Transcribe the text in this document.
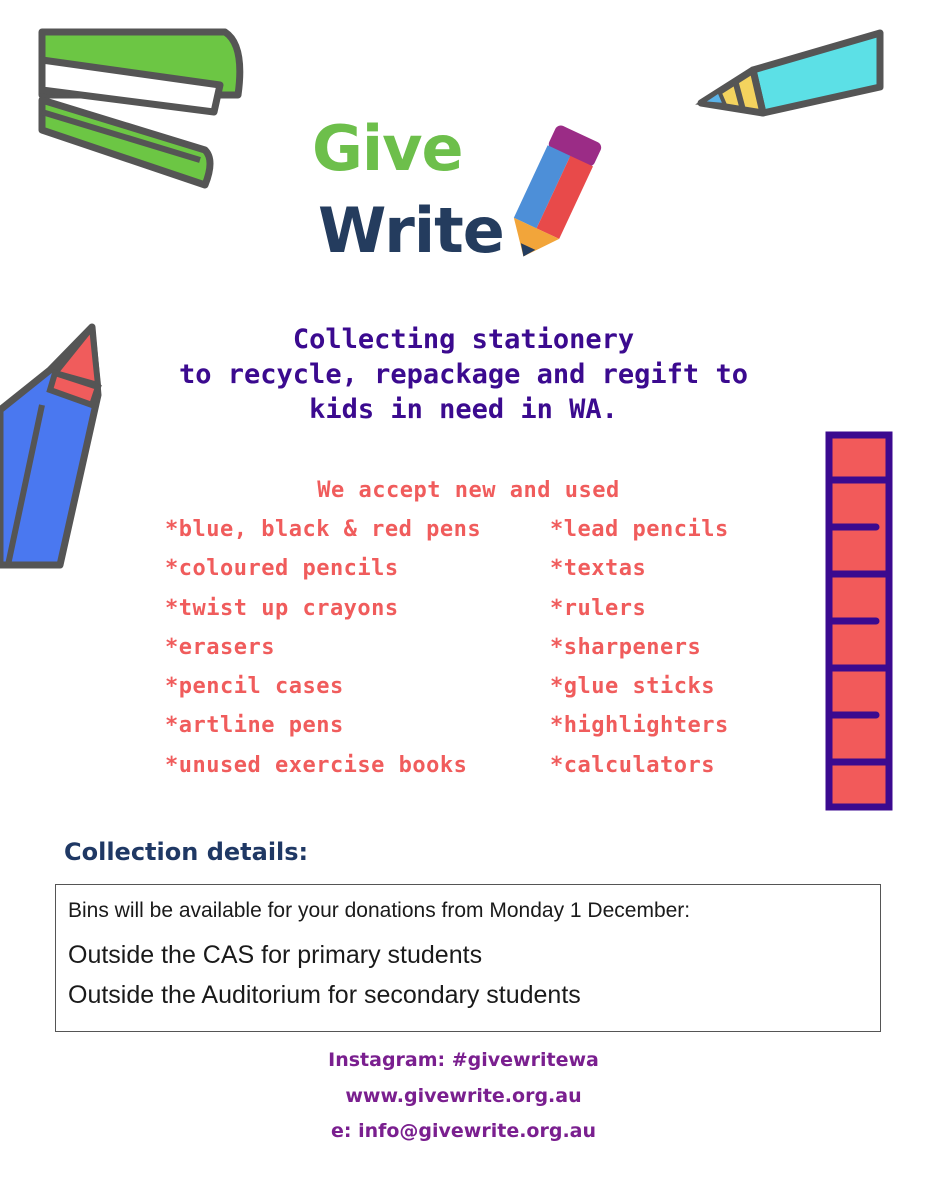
Give
Write
Collecting stationery
to recycle, repackage and regift to
kids in need in WA.
We accept new and used
*blue, black & red pens
*coloured pencils
*twist up crayons
*erasers
*pencil cases
*artline pens
*unused exercise books
*lead pencils
*textas
*rulers
*sharpeners
*glue sticks
*highlighters
*calculators
Collection details:
Bins will be available for your donations from Monday 1 December:
Outside the CAS for primary students
Outside the Auditorium for secondary students
Instagram: #givewritewa
www.givewrite.org.au
e: info@givewrite.org.au
